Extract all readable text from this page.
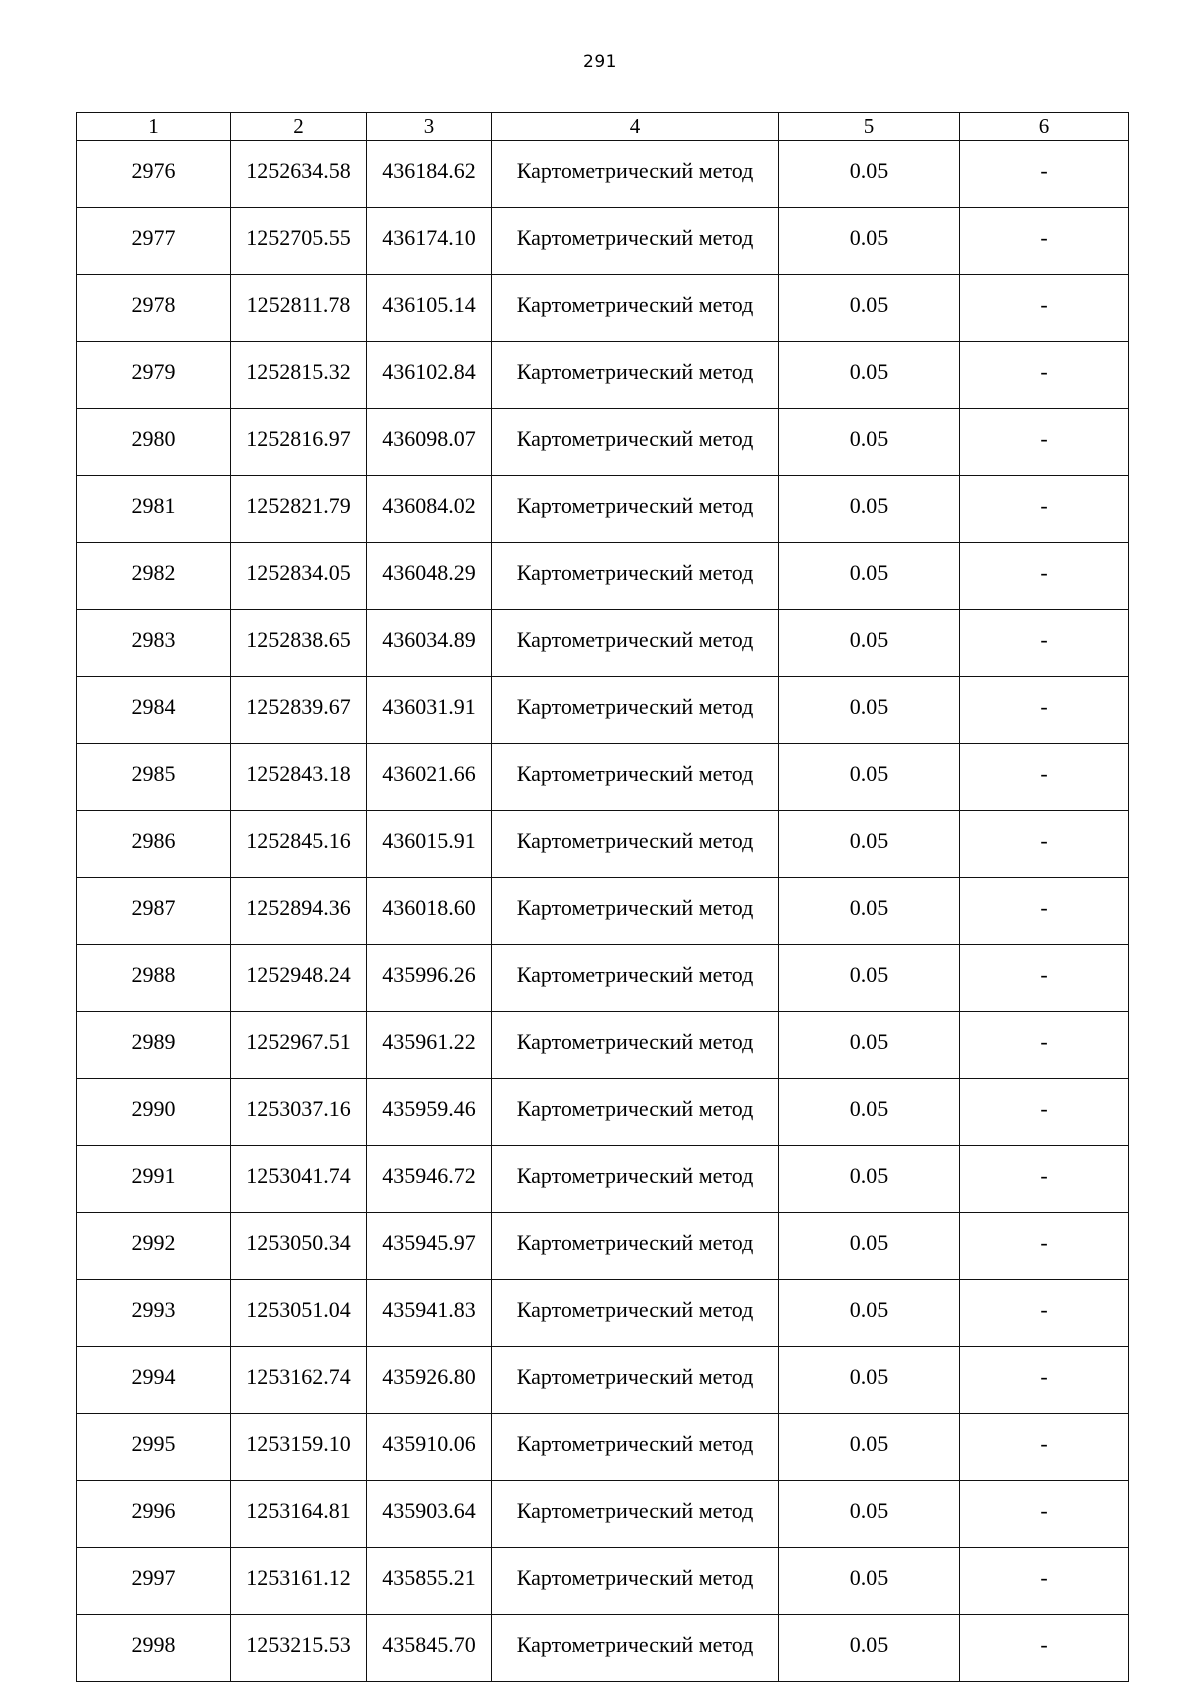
291
1	2	3	4	5	6
2976	1252634.58	436184.62	Картометрический метод	0.05	-
2977	1252705.55	436174.10	Картометрический метод	0.05	-
2978	1252811.78	436105.14	Картометрический метод	0.05	-
2979	1252815.32	436102.84	Картометрический метод	0.05	-
2980	1252816.97	436098.07	Картометрический метод	0.05	-
2981	1252821.79	436084.02	Картометрический метод	0.05	-
2982	1252834.05	436048.29	Картометрический метод	0.05	-
2983	1252838.65	436034.89	Картометрический метод	0.05	-
2984	1252839.67	436031.91	Картометрический метод	0.05	-
2985	1252843.18	436021.66	Картометрический метод	0.05	-
2986	1252845.16	436015.91	Картометрический метод	0.05	-
2987	1252894.36	436018.60	Картометрический метод	0.05	-
2988	1252948.24	435996.26	Картометрический метод	0.05	-
2989	1252967.51	435961.22	Картометрический метод	0.05	-
2990	1253037.16	435959.46	Картометрический метод	0.05	-
2991	1253041.74	435946.72	Картометрический метод	0.05	-
2992	1253050.34	435945.97	Картометрический метод	0.05	-
2993	1253051.04	435941.83	Картометрический метод	0.05	-
2994	1253162.74	435926.80	Картометрический метод	0.05	-
2995	1253159.10	435910.06	Картометрический метод	0.05	-
2996	1253164.81	435903.64	Картометрический метод	0.05	-
2997	1253161.12	435855.21	Картометрический метод	0.05	-
2998	1253215.53	435845.70	Картометрический метод	0.05	-
